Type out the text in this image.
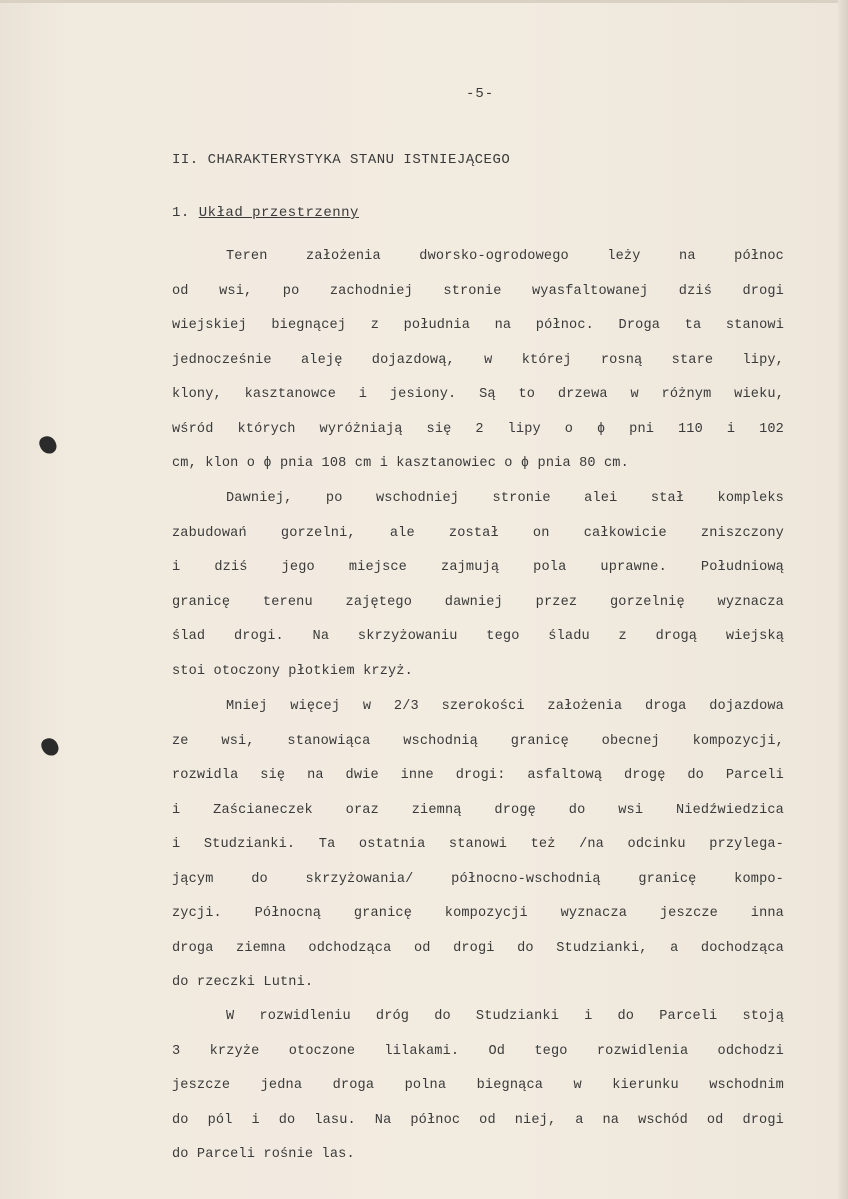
-5-
II. CHARAKTERYSTYKA STANU ISTNIEJĄCEGO
1. Układ przestrzenny
Teren założenia dworsko-ogrodowego leży na północ
od wsi, po zachodniej stronie wyasfaltowanej dziś drogi
wiejskiej biegnącej z południa na północ. Droga ta stanowi
jednocześnie aleję dojazdową, w której rosną stare lipy,
klony, kasztanowce i jesiony. Są to drzewa w różnym wieku,
wśród których wyróżniają się 2 lipy o ɸ pni 110 i 102
cm, klon o ɸ pnia 108 cm i kasztanowiec o ɸ pnia 80 cm.
Dawniej, po wschodniej stronie alei stał kompleks
zabudowań gorzelni, ale został on całkowicie zniszczony
i dziś jego miejsce zajmują pola uprawne. Południową
granicę terenu zajętego dawniej przez gorzelnię wyznacza
ślad drogi. Na skrzyżowaniu tego śladu z drogą wiejską
stoi otoczony płotkiem krzyż.
Mniej więcej w 2/3 szerokości założenia droga dojazdowa
ze wsi, stanowiąca wschodnią granicę obecnej kompozycji,
rozwidla się na dwie inne drogi: asfaltową drogę do Parceli
i Zaścianeczek oraz ziemną drogę do wsi Niedźwiedzica
i Studzianki. Ta ostatnia stanowi też /na odcinku przylega-
jącym do skrzyżowania/ północno-wschodnią granicę kompo-
zycji. Północną granicę kompozycji wyznacza jeszcze inna
droga ziemna odchodząca od drogi do Studzianki, a dochodząca
do rzeczki Lutni.
W rozwidleniu dróg do Studzianki i do Parceli stoją
3 krzyże otoczone lilakami. Od tego rozwidlenia odchodzi
jeszcze jedna droga polna biegnąca w kierunku wschodnim
do pól i do lasu. Na północ od niej, a na wschód od drogi
do Parceli rośnie las.
